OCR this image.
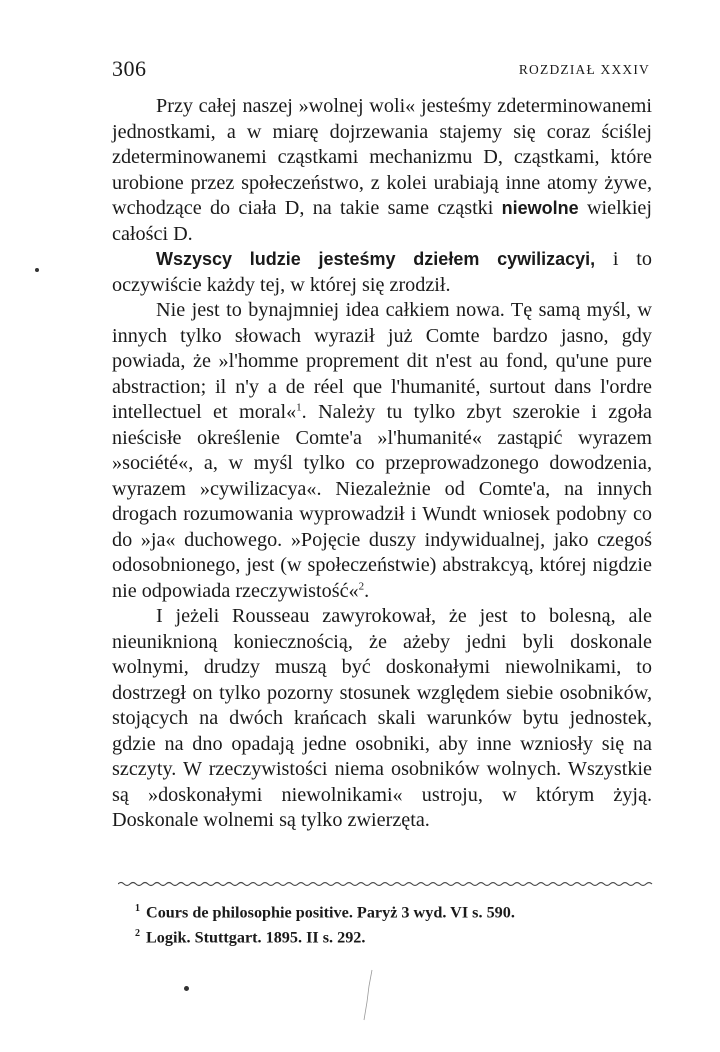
306	ROZDZIAŁ XXXIV

Przy całej naszej »wolnej woli« jesteśmy zdeterminowanemi jednostkami, a w miarę dojrzewania stajemy się coraz ściślej zdeterminowanemi cząstkami mechanizmu D, cząstkami, które urobione przez społeczeństwo, z kolei urabiają inne atomy żywe, wchodzące do ciała D, na takie same cząstki niewolne wielkiej całości D.

Wszyscy ludzie jesteśmy dziełem cywilizacyi, i to oczywiście każdy tej, w której się zrodził.

Nie jest to bynajmniej idea całkiem nowa. Tę samą myśl, w innych tylko słowach wyraził już Comte bardzo jasno, gdy powiada, że »l'homme proprement dit n'est au fond, qu'une pure abstraction; il n'y a de réel que l'humanité, surtout dans l'ordre intellectuel et moral«$^1$. Należy tu tylko zbyt szerokie i zgoła nieścisłe określenie Comte'a »l'humanité« zastąpić wyrazem »société«, a, w myśl tylko co przeprowadzonego dowodzenia, wyrazem »cywilizacya«. Niezależnie od Comte'a, na innych drogach rozumowania wyprowadził i Wundt wniosek podobny co do »ja« duchowego. »Pojęcie duszy indywidualnej, jako czegoś odosobnionego, jest (w społeczeństwie) abstrakcyą, której nigdzie nie odpowiada rzeczywistość«$^2$.

I jeżeli Rousseau zawyrokował, że jest to bolesną, ale nieuniknioną koniecznością, że ażeby jedni byli doskonale wolnymi, drudzy muszą być doskonałymi niewolnikami, to dostrzegł on tylko pozorny stosunek względem siebie osobników, stojących na dwóch krańcach skali warunków bytu jednostek, gdzie na dno opadają jedne osobniki, aby inne wzniosły się na szczyty. W rzeczywistości niema osobników wolnych. Wszystkie są »doskonałymi niewolnikami« ustroju, w którym żyją. Doskonale wolnemi są tylko zwierzęta.

$^1$ Cours de philosophie positive. Paryż 3 wyd. VI s. 590.
$^2$ Logik. Stuttgart. 1895. II s. 292.
